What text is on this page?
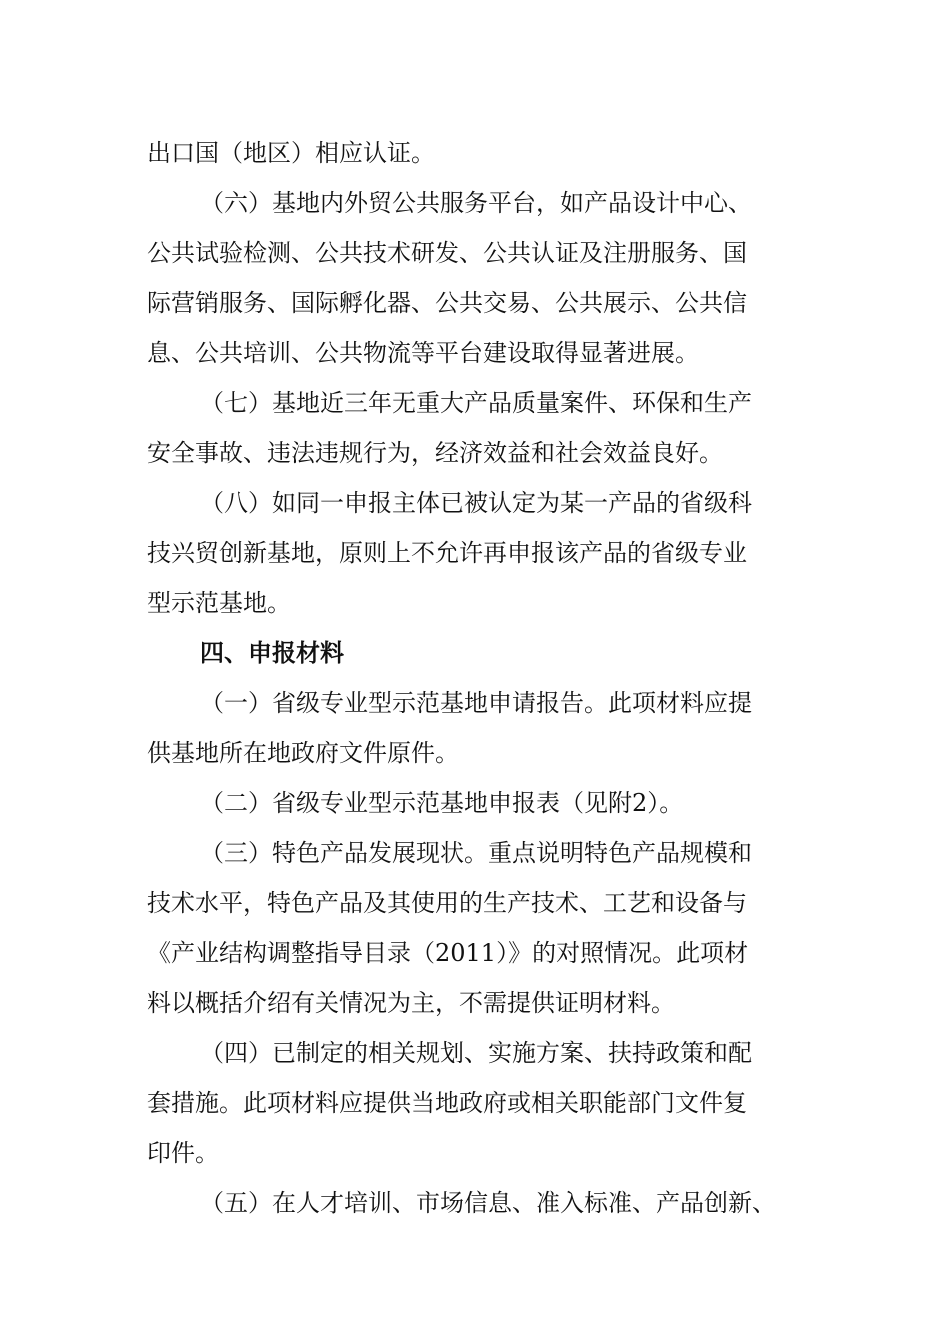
出口国（地区）相应认证。
（六）基地内外贸公共服务平台，如产品设计中心、
公共试验检测、公共技术研发、公共认证及注册服务、国
际营销服务、国际孵化器、公共交易、公共展示、公共信
息、公共培训、公共物流等平台建设取得显著进展。
（七）基地近三年无重大产品质量案件、环保和生产
安全事故、违法违规行为，经济效益和社会效益良好。
（八）如同一申报主体已被认定为某一产品的省级科
技兴贸创新基地，原则上不允许再申报该产品的省级专业
型示范基地。
四、申报材料
（一）省级专业型示范基地申请报告。此项材料应提
供基地所在地政府文件原件。
（二）省级专业型示范基地申报表（见附2）。
（三）特色产品发展现状。重点说明特色产品规模和
技术水平，特色产品及其使用的生产技术、工艺和设备与
《产业结构调整指导目录（2011）》的对照情况。此项材
料以概括介绍有关情况为主，不需提供证明材料。
（四）已制定的相关规划、实施方案、扶持政策和配
套措施。此项材料应提供当地政府或相关职能部门文件复
印件。
（五）在人才培训、市场信息、准入标准、产品创新、
